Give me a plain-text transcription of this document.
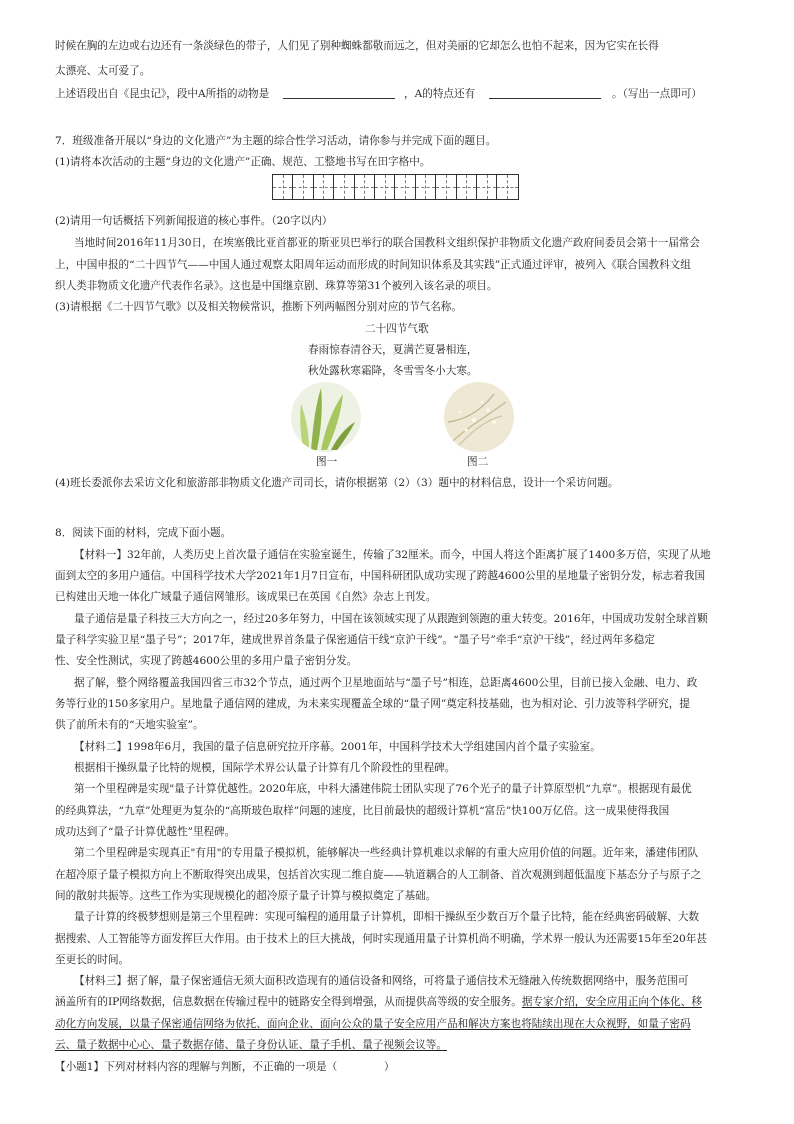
时候在胸的左边或右边还有一条淡绿色的带子，人们见了别种蜘蛛都敬而远之，但对美丽的它却怎么也怕不起来，因为它实在长得
太漂亮、太可爱了。
上述语段出自《昆虫记》，段中A所指的动物是	，A的特点还有	。（写出一点即可）
7．班级准备开展以“身边的文化遗产”为主题的综合性学习活动，请你参与并完成下面的题目。
(1)请将本次活动的主题“身边的文化遗产”正确、规范、工整地书写在田字格中。
(2)请用一句话概括下列新闻报道的核心事件。（20字以内）
当地时间2016年11月30日，在埃塞俄比亚首都亚的斯亚贝巴举行的联合国教科文组织保护非物质文化遗产政府间委员会第十一届常会
上，中国申报的“二十四节气——中国人通过观察太阳周年运动而形成的时间知识体系及其实践”正式通过评审，被列入《联合国教科文组
织人类非物质文化遗产代表作名录》。这也是中国继京剧、珠算等第31个被列入该名录的项目。
(3)请根据《二十四节气歌》以及相关物候常识，推断下列两幅图分别对应的节气名称。
二十四节气歌
春雨惊春清谷天，夏满芒夏暑相连，
秋处露秋寒霜降，冬雪雪冬小大寒。
图一	图二
(4)班长委派你去采访文化和旅游部非物质文化遗产司司长，请你根据第（2）（3）题中的材料信息，设计一个采访问题。
8．阅读下面的材料，完成下面小题。
【材料一】32年前，人类历史上首次量子通信在实验室诞生，传输了32厘米。而今，中国人将这个距离扩展了1400多万倍，实现了从地
面到太空的多用户通信。中国科学技术大学2021年1月7日宣布，中国科研团队成功实现了跨越4600公里的星地量子密钥分发，标志着我国
已构建出天地一体化广域量子通信网雏形。该成果已在英国《自然》杂志上刊发。
量子通信是量子科技三大方向之一，经过20多年努力，中国在该领域实现了从跟跑到领跑的重大转变。2016年，中国成功发射全球首颗
量子科学实验卫星“墨子号”；2017年，建成世界首条量子保密通信干线“京沪干线”。“墨子号”牵手“京沪干线”，经过两年多稳定
性、安全性测试，实现了跨越4600公里的多用户量子密钥分发。
据了解，整个网络覆盖我国四省三市32个节点，通过两个卫星地面站与“墨子号”相连，总距离4600公里，目前已接入金融、电力、政
务等行业的150多家用户。星地量子通信网的建成，为未来实现覆盖全球的“量子网”奠定科技基础，也为相对论、引力波等科学研究，提
供了前所未有的“天地实验室”。
【材料二】1998年6月，我国的量子信息研究拉开序幕。2001年，中国科学技术大学组建国内首个量子实验室。
根据相干操纵量子比特的规模，国际学术界公认量子计算有几个阶段性的里程碑。
第一个里程碑是实现"量子计算优越性。2020年底，中科大潘建伟院士团队实现了76个光子的量子计算原型机“九章”。根据现有最优
的经典算法，“九章”处理更为复杂的“高斯玻色取样”问题的速度，比目前最快的超级计算机“富岳”快100万亿倍。这一成果使得我国
成功达到了“量子计算优越性”里程碑。
第二个里程碑是实现真正"有用"的专用量子模拟机，能够解决一些经典计算机难以求解的有重大应用价值的问题。近年来，潘建伟团队
在超冷原子量子模拟方向上不断取得突出成果，包括首次实现二维自旋——轨道耦合的人工制备、首次观测到超低温度下基态分子与原子之
间的散射共振等。这些工作为实现规模化的超冷原子量子计算与模拟奠定了基础。
量子计算的终极梦想则是第三个里程碑：实现可编程的通用量子计算机，即相干操纵至少数百万个量子比特，能在经典密码破解、大数
据搜索、人工智能等方面发挥巨大作用。由于技术上的巨大挑战，何时实现通用量子计算机尚不明确，学术界一般认为还需要15年至20年甚
至更长的时间。
【材料三】据了解，量子保密通信无须大面积改造现有的通信设备和网络，可将量子通信技术无缝融入传统数据网络中，服务范围可
涵盖所有的IP网络数据，信息数据在传输过程中的链路安全得到增强，从而提供高等级的安全服务。据专家介绍，安全应用正向个体化、移
动化方向发展，以量子保密通信网络为依托、面向企业、面向公众的量子安全应用产品和解决方案也将陆续出现在大众视野，如量子密码
云、量子数据中心心、量子数据存储、量子身份认证、量子手机、量子视频会议等。
【小题1】下列对材料内容的理解与判断，不正确的一项是（	）
